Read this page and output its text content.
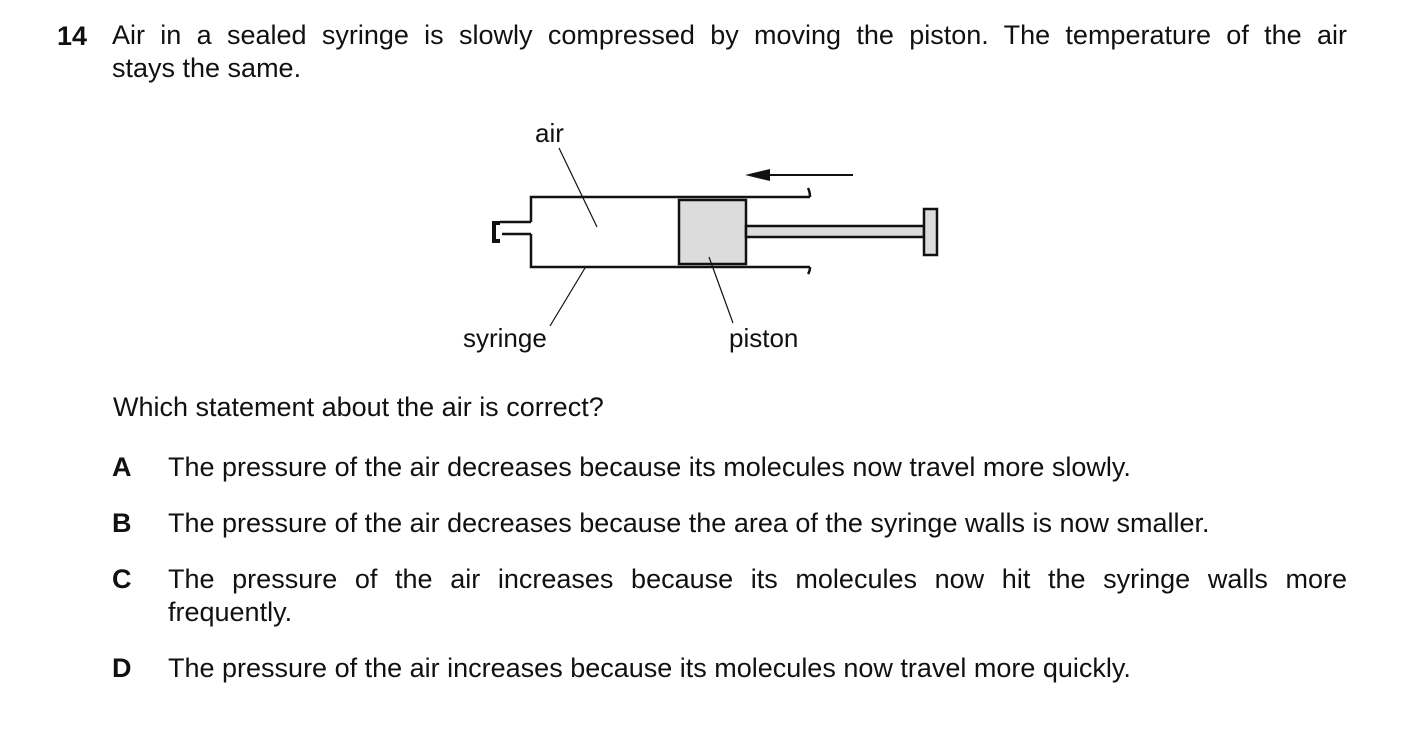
14 Air in a sealed syringe is slowly compressed by moving the piston. The temperature of the air
stays the same.
air
syringe	piston
Which statement about the air is correct?
A	The pressure of the air decreases because its molecules now travel more slowly.
B	The pressure of the air decreases because the area of the syringe walls is now smaller.
C	The pressure of the air increases because its molecules now hit the syringe walls more
frequently.
D	The pressure of the air increases because its molecules now travel more quickly.
